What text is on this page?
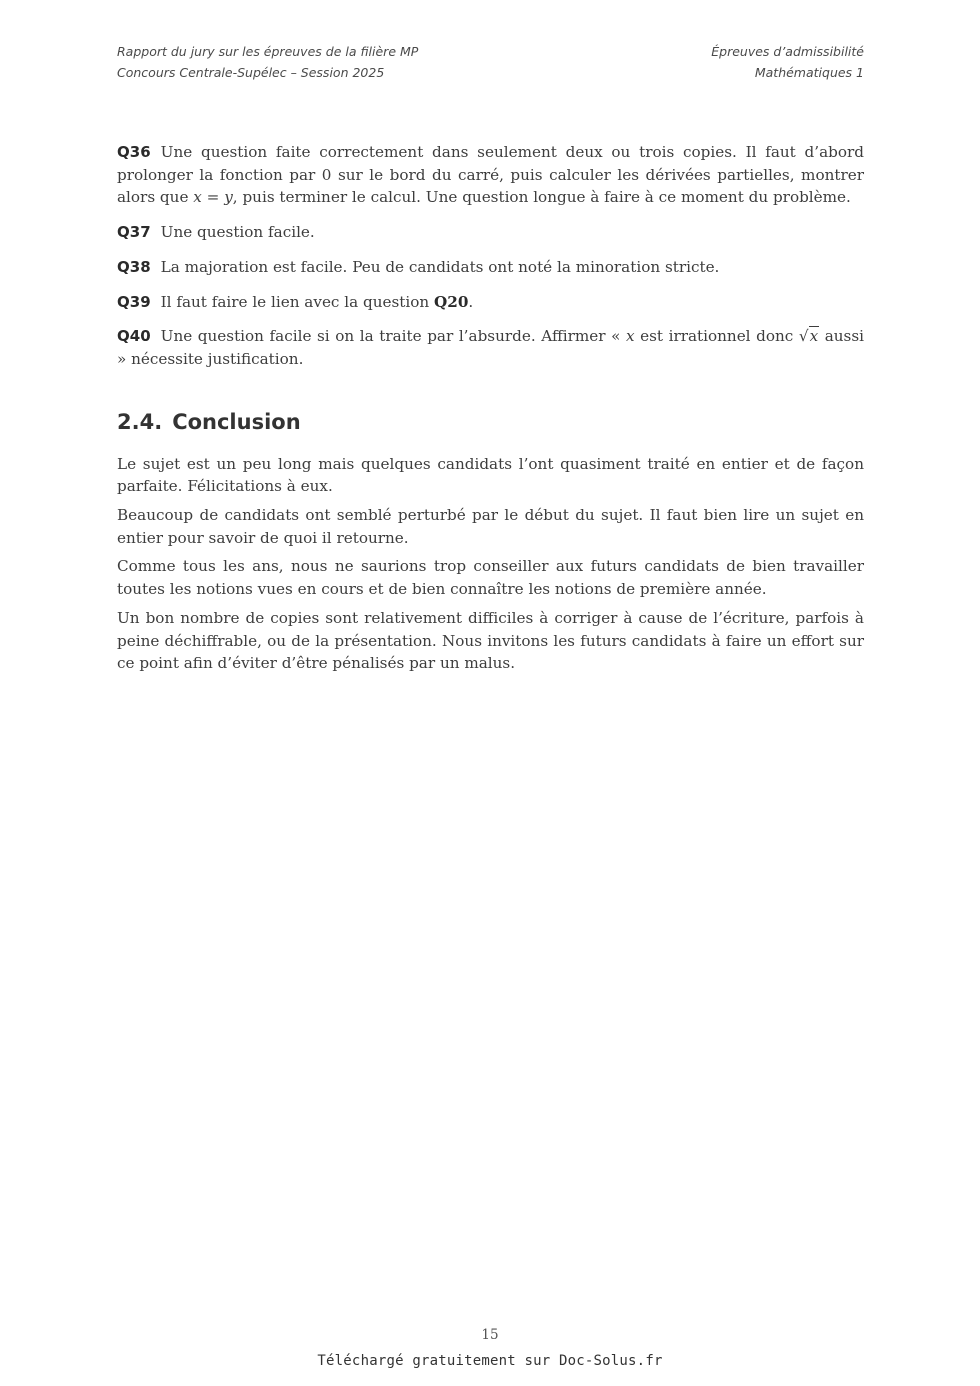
Rapport du jury sur les épreuves de la filière MP
Concours Centrale-Supélec – Session 2025
Épreuves d’admissibilité
Mathématiques 1

Q36 Une question faite correctement dans seulement deux ou trois copies. Il faut d’abord prolonger la fonction par 0 sur le bord du carré, puis calculer les dérivées partielles, montrer alors que x = y, puis terminer le calcul. Une question longue à faire à ce moment du problème.

Q37 Une question facile.

Q38 La majoration est facile. Peu de candidats ont noté la minoration stricte.

Q39 Il faut faire le lien avec la question Q20.

Q40 Une question facile si on la traite par l’absurde. Affirmer « x est irrationnel donc √x aussi » nécessite justification.

2.4. Conclusion

Le sujet est un peu long mais quelques candidats l’ont quasiment traité en entier et de façon parfaite. Félicitations à eux.

Beaucoup de candidats ont semblé perturbé par le début du sujet. Il faut bien lire un sujet en entier pour savoir de quoi il retourne.

Comme tous les ans, nous ne saurions trop conseiller aux futurs candidats de bien travailler toutes les notions vues en cours et de bien connaître les notions de première année.

Un bon nombre de copies sont relativement difficiles à corriger à cause de l’écriture, parfois à peine déchiffrable, ou de la présentation. Nous invitons les futurs candidats à faire un effort sur ce point afin d’éviter d’être pénalisés par un malus.

15
Téléchargé gratuitement sur Doc-Solus.fr
